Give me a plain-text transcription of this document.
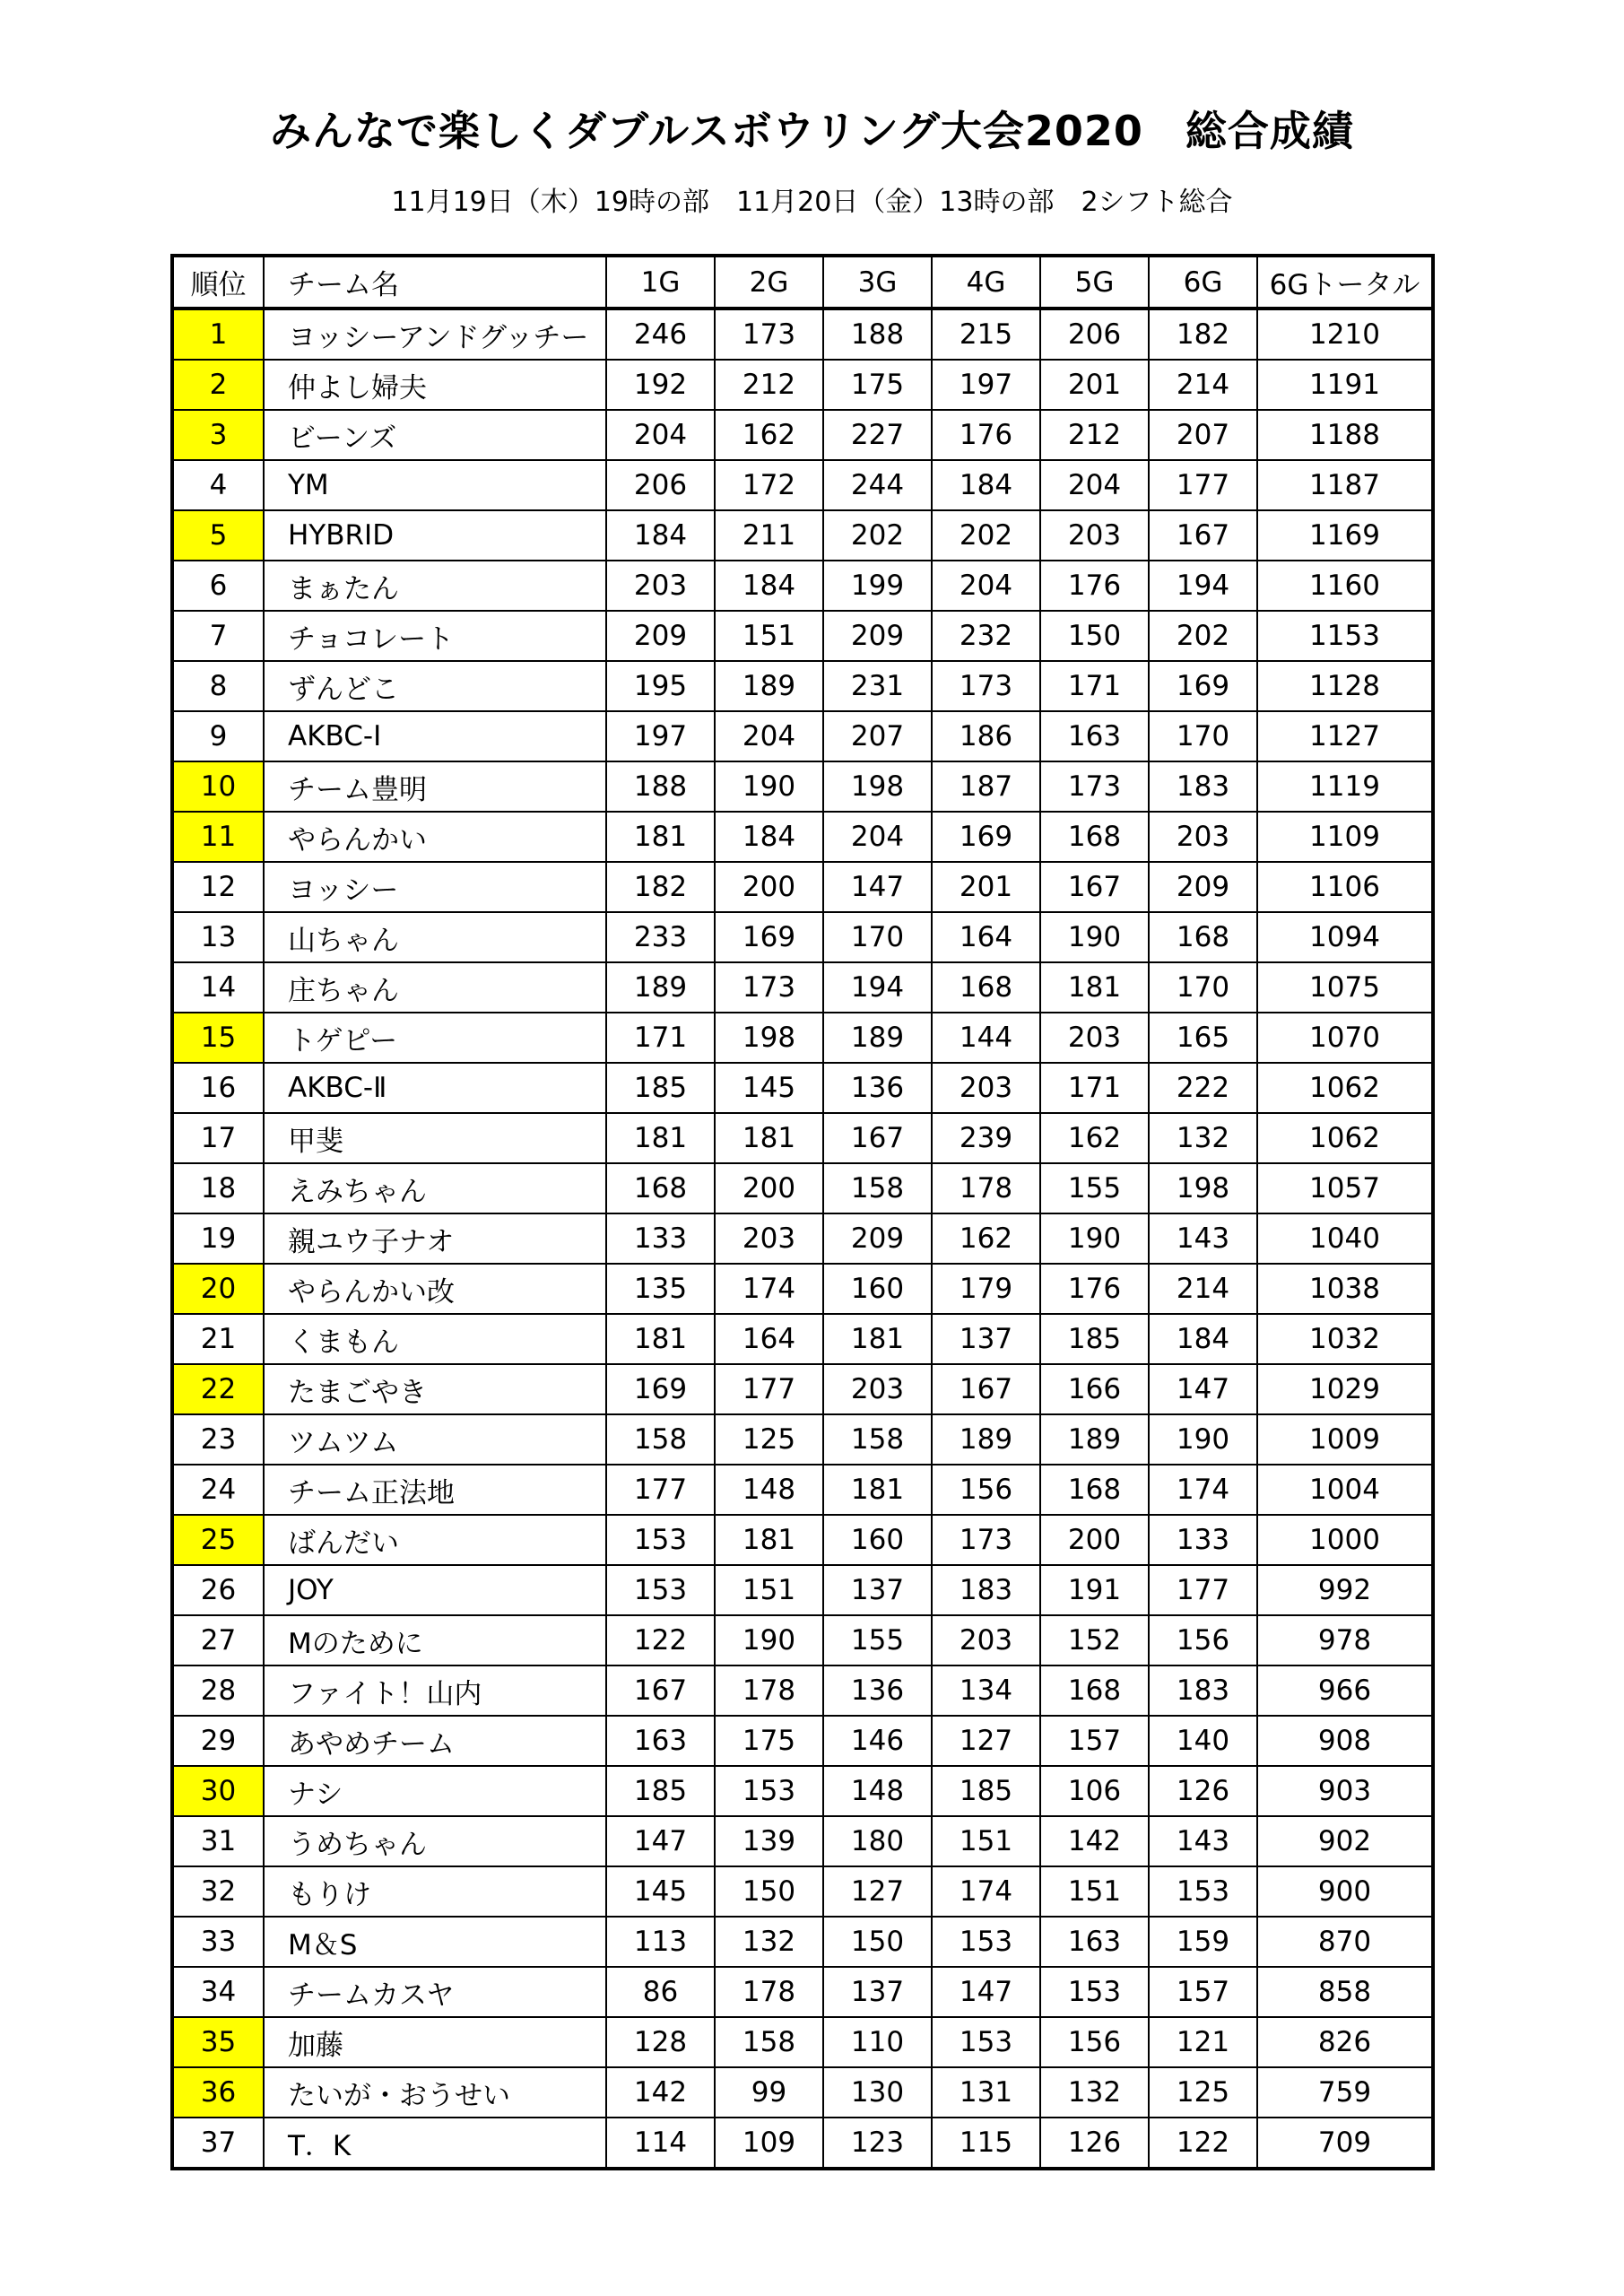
みんなで楽しくダブルスボウリング大会2020　総合成績
11月19日（木）19時の部　11月20日（金）13時の部　2シフト総合
順位	チーム名	1G	2G	3G	4G	5G	6G	6Gトータル
1	ヨッシーアンドグッチー	246	173	188	215	206	182	1210
2	仲よし婦夫	192	212	175	197	201	214	1191
3	ビーンズ	204	162	227	176	212	207	1188
4	YM	206	172	244	184	204	177	1187
5	HYBRID	184	211	202	202	203	167	1169
6	まぁたん	203	184	199	204	176	194	1160
7	チョコレート	209	151	209	232	150	202	1153
8	ずんどこ	195	189	231	173	171	169	1128
9	AKBC-Ⅰ	197	204	207	186	163	170	1127
10	チーム豊明	188	190	198	187	173	183	1119
11	やらんかい	181	184	204	169	168	203	1109
12	ヨッシー	182	200	147	201	167	209	1106
13	山ちゃん	233	169	170	164	190	168	1094
14	庄ちゃん	189	173	194	168	181	170	1075
15	トゲピー	171	198	189	144	203	165	1070
16	AKBC-Ⅱ	185	145	136	203	171	222	1062
17	甲斐	181	181	167	239	162	132	1062
18	えみちゃん	168	200	158	178	155	198	1057
19	親ユウ子ナオ	133	203	209	162	190	143	1040
20	やらんかい改	135	174	160	179	176	214	1038
21	くまもん	181	164	181	137	185	184	1032
22	たまごやき	169	177	203	167	166	147	1029
23	ツムツム	158	125	158	189	189	190	1009
24	チーム正法地	177	148	181	156	168	174	1004
25	ばんだい	153	181	160	173	200	133	1000
26	JOY	153	151	137	183	191	177	992
27	Mのために	122	190	155	203	152	156	978
28	ファイト！山内	167	178	136	134	168	183	966
29	あやめチーム	163	175	146	127	157	140	908
30	ナシ	185	153	148	185	106	126	903
31	うめちゃん	147	139	180	151	142	143	902
32	もりけ	145	150	127	174	151	153	900
33	M＆S	113	132	150	153	163	159	870
34	チームカスヤ	86	178	137	147	153	157	858
35	加藤	128	158	110	153	156	121	826
36	たいが・おうせい	142	99	130	131	132	125	759
37	T．K	114	109	123	115	126	122	709
